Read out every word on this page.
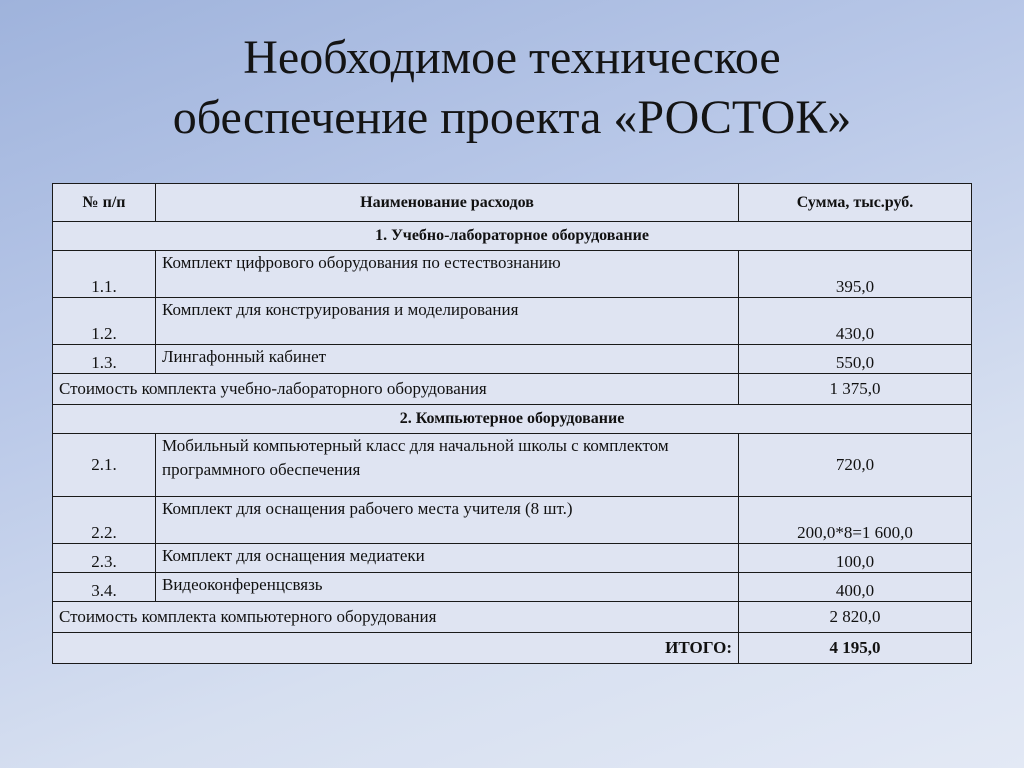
Необходимое техническое
обеспечение проекта «РОСТОК»
№ п/п	Наименование расходов	Сумма, тыс.руб.
1. Учебно-лабораторное оборудование		
1.1.	Комплект цифрового оборудования по естествознанию	395,0
1.2.	Комплект для конструирования и моделирования	430,0
1.3.	Лингафонный кабинет	550,0
Стоимость комплекта учебно-лабораторного оборудования		1 375,0
2. Компьютерное оборудование		
2.1.	Мобильный компьютерный класс для начальной школы с комплектом программного обеспечения	720,0
2.2.	Комплект для оснащения рабочего места учителя (8 шт.)	200,0*8=1 600,0
2.3.	Комплект для оснащения медиатеки	100,0
3.4.	Видеоконференцсвязь	400,0
Стоимость комплекта компьютерного оборудования		2 820,0
ИТОГО:		4 195,0
